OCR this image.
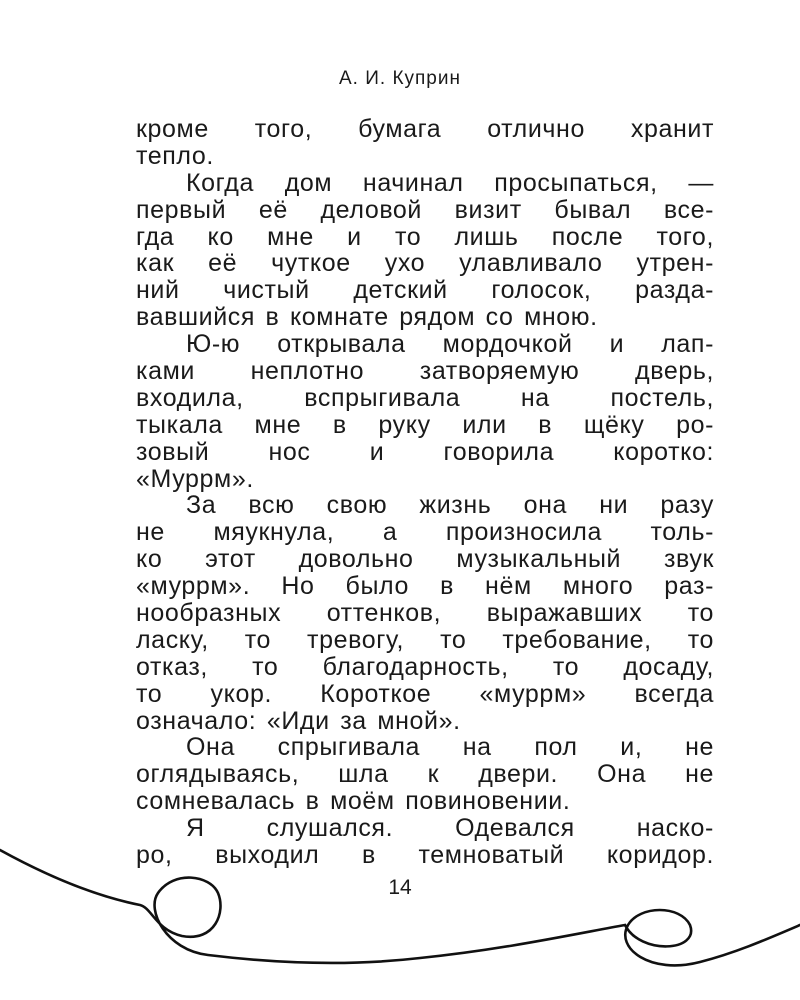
А. И. Куприн
кроме того, бумага отлично хранит
тепло.
Когда дом начинал просыпаться, —
первый её деловой визит бывал все-
гда ко мне и то лишь после того,
как её чуткое ухо улавливало утрен-
ний чистый детский голосок, разда-
вавшийся в комнате рядом со мною.
Ю-ю открывала мордочкой и лап-
ками неплотно затворяемую дверь,
входила, вспрыгивала на постель,
тыкала мне в руку или в щёку ро-
зовый нос и говорила коротко:
«Муррм».
За всю свою жизнь она ни разу
не мяукнула, а произносила толь-
ко этот довольно музыкальный звук
«муррм». Но было в нём много раз-
нообразных оттенков, выражавших то
ласку, то тревогу, то требование, то
отказ, то благодарность, то досаду,
то укор. Короткое «муррм» всегда
означало: «Иди за мной».
Она спрыгивала на пол и, не
оглядываясь, шла к двери. Она не
сомневалась в моём повиновении.
Я слушался. Одевался наско-
ро, выходил в темноватый коридор.
14
